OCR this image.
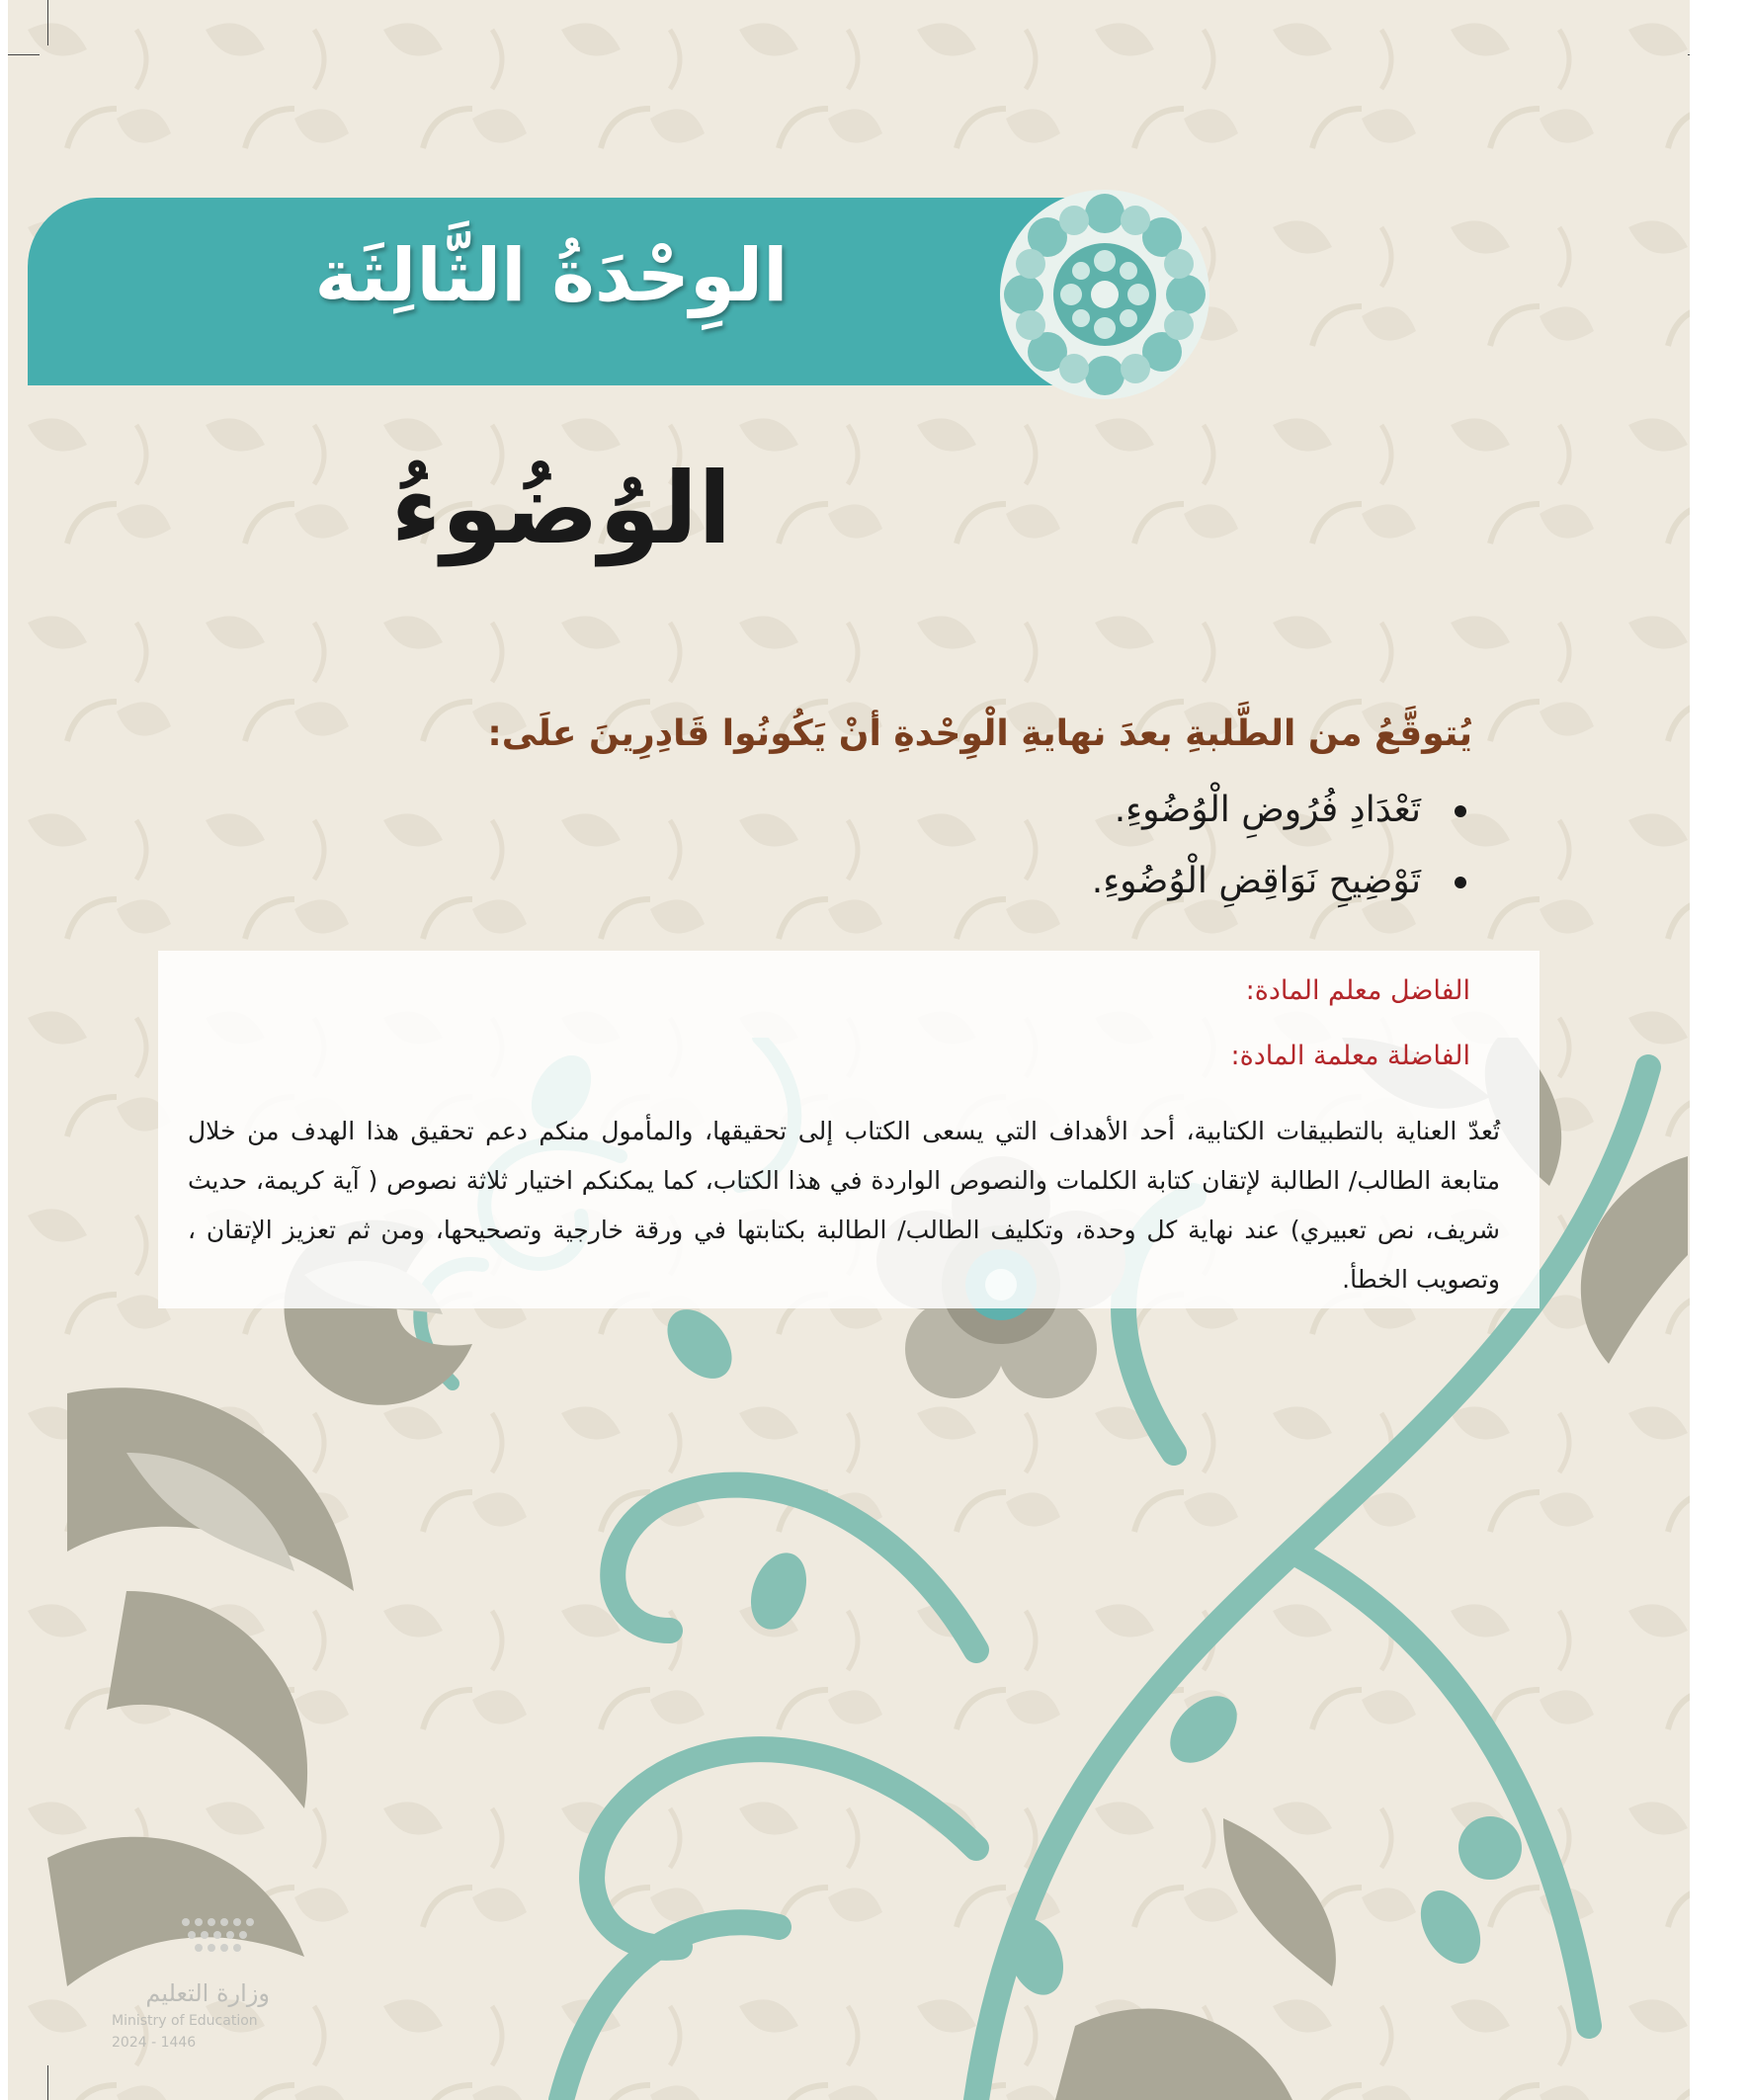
الوِحْدَةُ الثَّالِثَة
الوُضُوءُ
يُتوقَّعُ من الطَّلبةِ بعدَ نهايةِ الْوِحْدةِ أنْ يَكُونُوا قَادِرِينَ علَى:
تَعْدَادِ فُرُوضِ الْوُضُوءِ.
تَوْضِيحِ نَوَاقِضِ الْوُضُوءِ.
الفاضل معلم المادة:
الفاضلة معلمة المادة:
تُعدّ العناية بالتطبيقات الكتابية، أحد الأهداف التي يسعى الكتاب إلى تحقيقها، والمأمول منكم دعم تحقيق هذا الهدف من خلال متابعة الطالب/ الطالبة لإتقان كتابة الكلمات والنصوص الواردة في هذا الكتاب، كما يمكنكم اختيار ثلاثة نصوص ( آية كريمة، حديث شريف، نص تعبيري) عند نهاية كل وحدة، وتكليف الطالب/ الطالبة بكتابتها في ورقة خارجية وتصحيحها، ومن ثم تعزيز الإتقان ، وتصويب الخطأ.
وزارة التعليم
Ministry of Education
2024 - 1446
